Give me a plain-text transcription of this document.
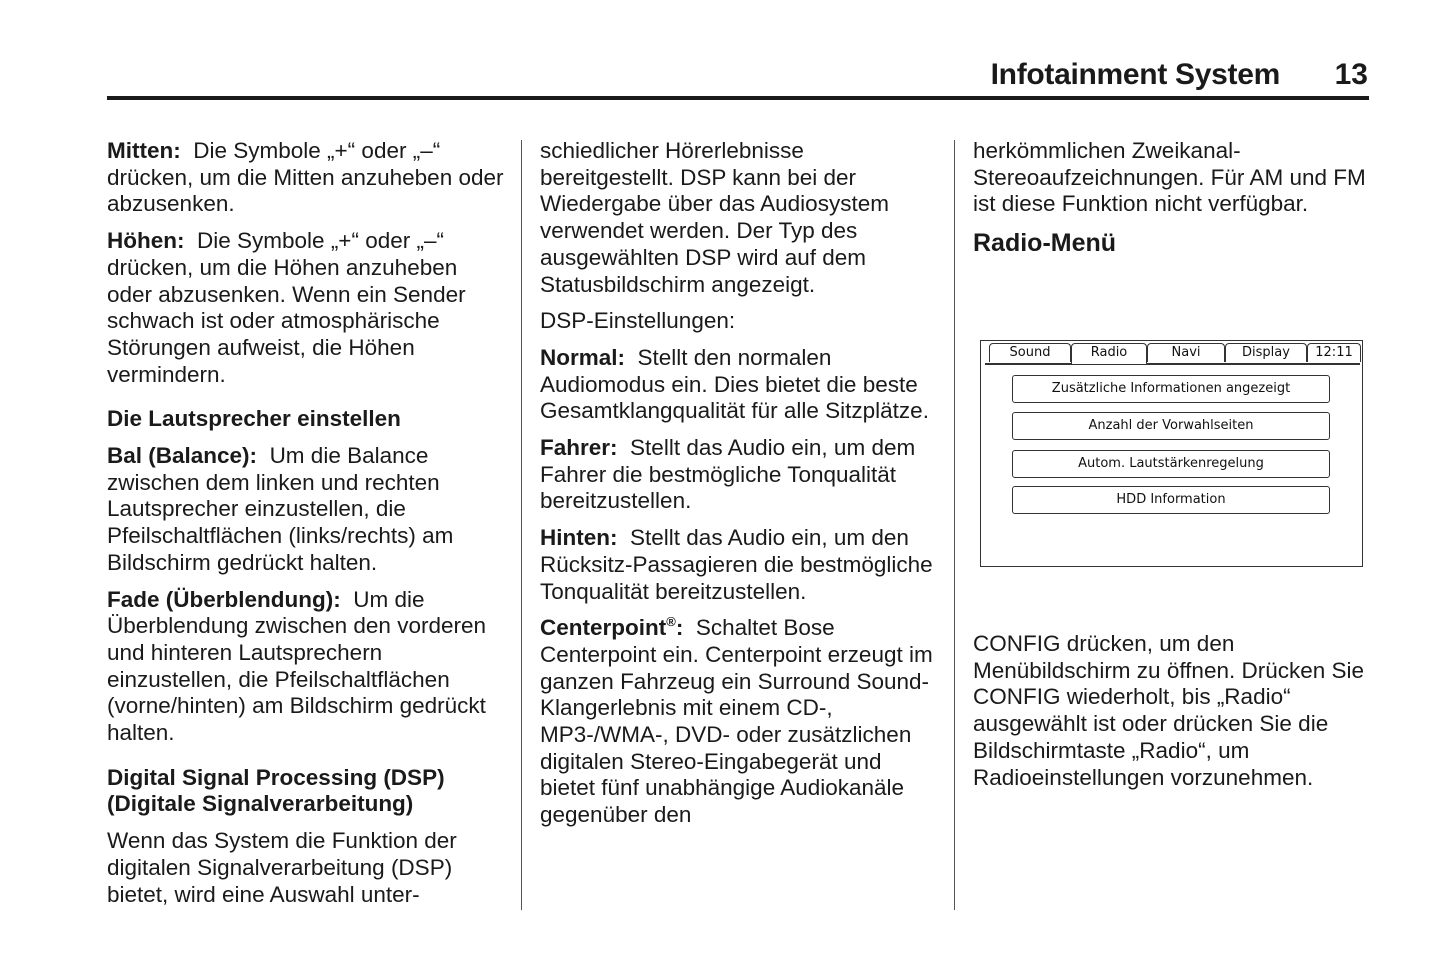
Infotainment System 13

Mitten: Die Symbole „+“ oder „–“ drücken, um die Mitten anzuheben oder abzusenken.

Höhen: Die Symbole „+“ oder „–“ drücken, um die Höhen anzuheben oder abzusenken. Wenn ein Sender schwach ist oder atmosphärische Störungen aufweist, die Höhen vermindern.

Die Lautsprecher einstellen

Bal (Balance): Um die Balance zwischen dem linken und rechten Lautsprecher einzustellen, die Pfeilschaltflächen (links/rechts) am Bildschirm gedrückt halten.

Fade (Überblendung): Um die Überblendung zwischen den vorderen und hinteren Lautsprechern einzustellen, die Pfeilschaltflächen (vorne/hinten) am Bildschirm gedrückt halten.

Digital Signal Processing (DSP)
(Digitale Signalverarbeitung)

Wenn das System die Funktion der digitalen Signalverarbeitung (DSP) bietet, wird eine Auswahl unter-

schiedlicher Hörerlebnisse bereitgestellt. DSP kann bei der Wiedergabe über das Audiosystem verwendet werden. Der Typ des ausgewählten DSP wird auf dem Statusbildschirm angezeigt.

DSP-Einstellungen:

Normal: Stellt den normalen Audiomodus ein. Dies bietet die beste Gesamtklangqualität für alle Sitzplätze.

Fahrer: Stellt das Audio ein, um dem Fahrer die bestmögliche Tonqualität bereitzustellen.

Hinten: Stellt das Audio ein, um den Rücksitz-Passagieren die bestmögliche Tonqualität bereitzustellen.

Centerpoint®: Schaltet Bose Centerpoint ein. Centerpoint erzeugt im ganzen Fahrzeug ein Surround Sound-Klangerlebnis mit einem CD-, MP3-/WMA-, DVD- oder zusätzlichen digitalen Stereo-Eingabegerät und bietet fünf unabhängige Audiokanäle gegenüber den

herkömmlichen Zweikanal-Stereoaufzeichnungen. Für AM und FM ist diese Funktion nicht verfügbar.

Radio-Menü

CONFIG drücken, um den Menübildschirm zu öffnen. Drücken Sie CONFIG wiederholt, bis „Radio“ ausgewählt ist oder drücken Sie die Bildschirmtaste „Radio“, um Radioeinstellungen vorzunehmen.

Sound	Radio	Navi	Display	12:11
Zusätzliche Informationen angezeigt
Anzahl der Vorwahlseiten
Autom. Lautstärkenregelung
HDD Information
